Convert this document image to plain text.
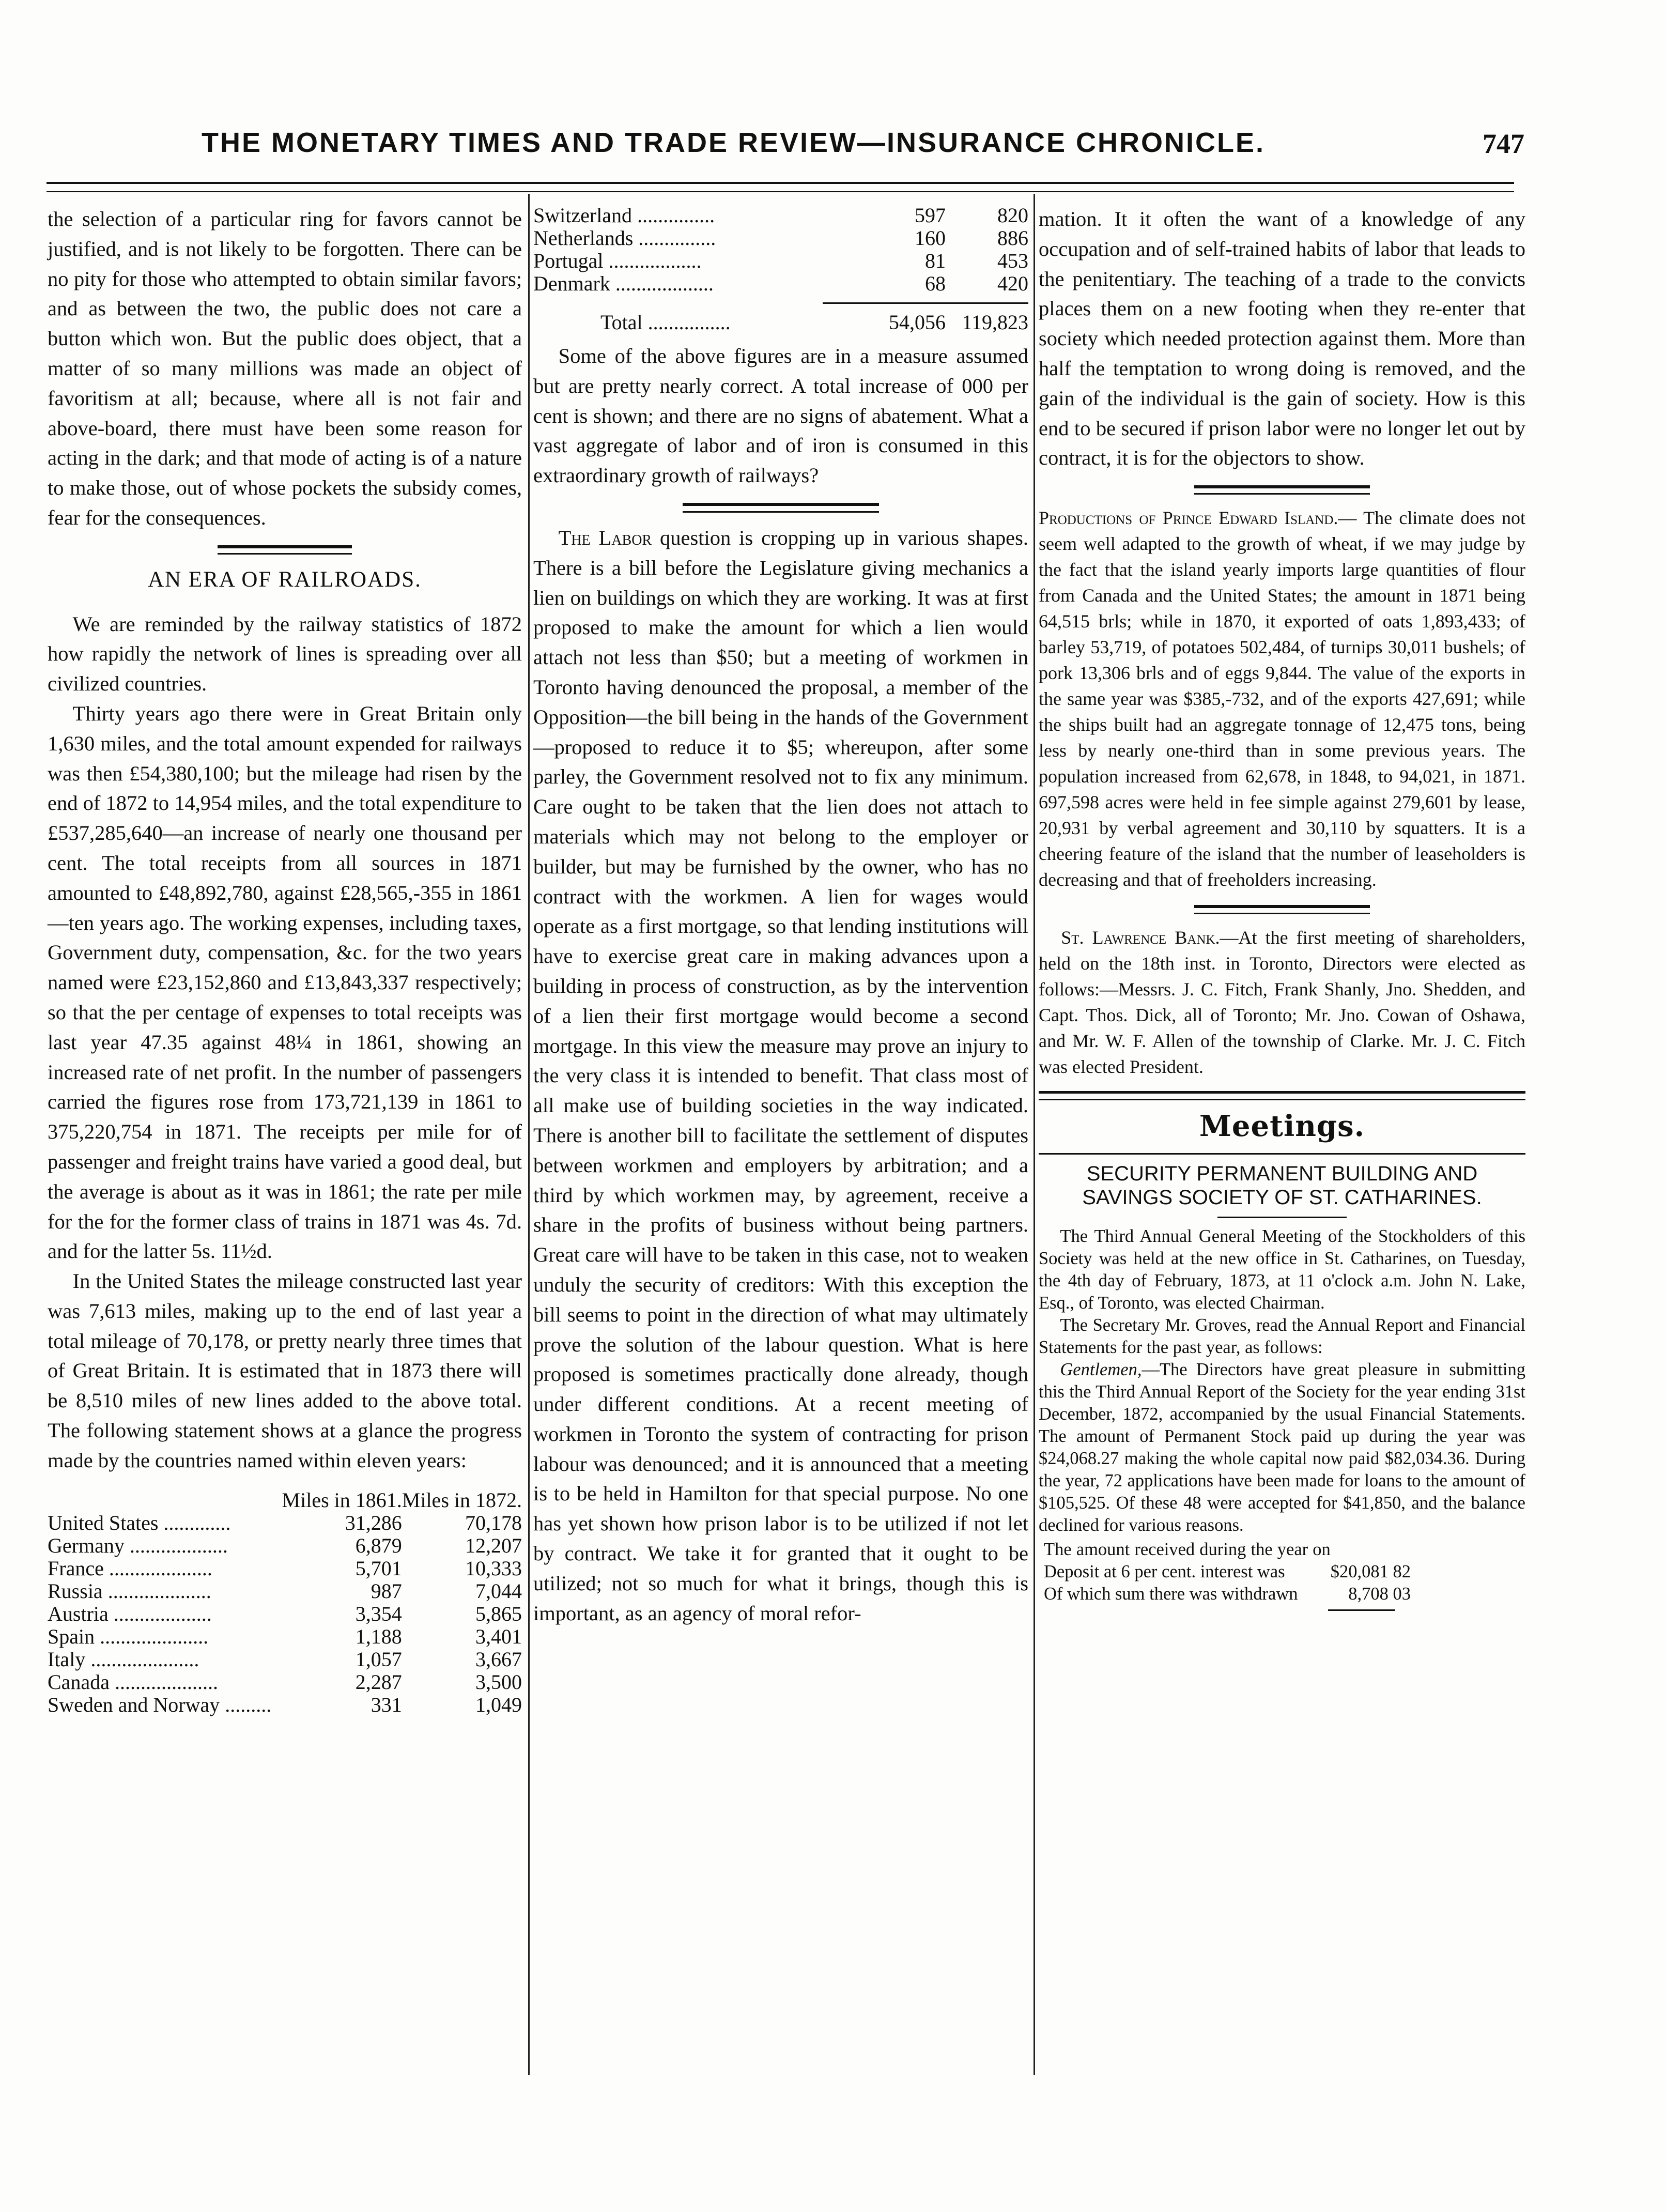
THE MONETARY TIMES AND TRADE REVIEW—INSURANCE CHRONICLE.	747

the selection of a particular ring for favors cannot be justified, and is not likely to be forgotten. There can be no pity for those who attempted to obtain similar favors; and as between the two, the public does not care a button which won. But the public does object, that a matter of so many millions was made an object of favoritism at all; because, where all is not fair and above-board, there must have been some reason for acting in the dark; and that mode of acting is of a nature to make those, out of whose pockets the subsidy comes, fear for the consequences.

AN ERA OF RAILROADS.

We are reminded by the railway statistics of 1872 how rapidly the network of lines is spreading over all civilized countries.

Thirty years ago there were in Great Britain only 1,630 miles, and the total amount expended for railways was then £54,380,100; but the mileage had risen by the end of 1872 to 14,954 miles, and the total expenditure to £537,285,640—an increase of nearly one thousand per cent. The total receipts from all sources in 1871 amounted to £48,892,780, against £28,565,-355 in 1861—ten years ago. The working expenses, including taxes, Government duty, compensation, &c. for the two years named were £23,152,860 and £13,843,337 respectively; so that the per centage of expenses to total receipts was last year 47.35 against 48¼ in 1861, showing an increased rate of net profit. In the number of passengers carried the figures rose from 173,721,139 in 1861 to 375,220,754 in 1871. The receipts per mile for of passenger and freight trains have varied a good deal, but the average is about as it was in 1861; the rate per mile for the for the former class of trains in 1871 was 4s. 7d. and for the latter 5s. 11½d.

In the United States the mileage constructed last year was 7,613 miles, making up to the end of last year a total mileage of 70,178, or pretty nearly three times that of Great Britain. It is estimated that in 1873 there will be 8,510 miles of new lines added to the above total. The following statement shows at a glance the progress made by the countries named within eleven years:

	Miles in 1861.	Miles in 1872.
United States .............	31,286	70,178
Germany ...................	6,879	12,207
France ....................	5,701	10,333
Russia ....................	987	7,044
Austria ...................	3,354	5,865
Spain .....................	1,188	3,401
Italy .....................	1,057	3,667
Canada ....................	2,287	3,500
Sweden and Norway .........	331	1,049
Switzerland ...............	597	820
Netherlands ...............	160	886
Portugal ..................	81	453
Denmark ...................	68	420
Total ................	54,056	119,823

Some of the above figures are in a measure assumed but are pretty nearly correct. A total increase of 000 per cent is shown; and there are no signs of abatement. What a vast aggregate of labor and of iron is consumed in this extraordinary growth of railways?

The Labor question is cropping up in various shapes. There is a bill before the Legislature giving mechanics a lien on buildings on which they are working. It was at first proposed to make the amount for which a lien would attach not less than $50; but a meeting of workmen in Toronto having denounced the proposal, a member of the Opposition—the bill being in the hands of the Government—proposed to reduce it to $5; whereupon, after some parley, the Government resolved not to fix any minimum. Care ought to be taken that the lien does not attach to materials which may not belong to the employer or builder, but may be furnished by the owner, who has no contract with the workmen. A lien for wages would operate as a first mortgage, so that lending institutions will have to exercise great care in making advances upon a building in process of construction, as by the intervention of a lien their first mortgage would become a second mortgage. In this view the measure may prove an injury to the very class it is intended to benefit. That class most of all make use of building societies in the way indicated. There is another bill to facilitate the settlement of disputes between workmen and employers by arbitration; and a third by which workmen may, by agreement, receive a share in the profits of business without being partners. Great care will have to be taken in this case, not to weaken unduly the security of creditors: With this exception the bill seems to point in the direction of what may ultimately prove the solution of the labour question. What is here proposed is sometimes practically done already, though under different conditions. At a recent meeting of workmen in Toronto the system of contracting for prison labour was denounced; and it is announced that a meeting is to be held in Hamilton for that special purpose. No one has yet shown how prison labor is to be utilized if not let by contract. We take it for granted that it ought to be utilized; not so much for what it brings, though this is important, as an agency of moral refor-

mation. It it often the want of a knowledge of any occupation and of self-trained habits of labor that leads to the penitentiary. The teaching of a trade to the convicts places them on a new footing when they re-enter that society which needed protection against them. More than half the temptation to wrong doing is removed, and the gain of the individual is the gain of society. How is this end to be secured if prison labor were no longer let out by contract, it is for the objectors to show.

Productions of Prince Edward Island.— The climate does not seem well adapted to the growth of wheat, if we may judge by the fact that the island yearly imports large quantities of flour from Canada and the United States; the amount in 1871 being 64,515 brls; while in 1870, it exported of oats 1,893,433; of barley 53,719, of potatoes 502,484, of turnips 30,011 bushels; of pork 13,306 brls and of eggs 9,844. The value of the exports in the same year was $385,-732, and of the exports 427,691; while the ships built had an aggregate tonnage of 12,475 tons, being less by nearly one-third than in some previous years. The population increased from 62,678, in 1848, to 94,021, in 1871. 697,598 acres were held in fee simple against 279,601 by lease, 20,931 by verbal agreement and 30,110 by squatters. It is a cheering feature of the island that the number of leaseholders is decreasing and that of freeholders increasing.

St. Lawrence Bank.—At the first meeting of shareholders, held on the 18th inst. in Toronto, Directors were elected as follows:—Messrs. J. C. Fitch, Frank Shanly, Jno. Shedden, and Capt. Thos. Dick, all of Toronto; Mr. Jno. Cowan of Oshawa, and Mr. W. F. Allen of the township of Clarke. Mr. J. C. Fitch was elected President.

Meetings.
SECURITY PERMANENT BUILDING AND SAVINGS SOCIETY OF ST. CATHARINES.

The Third Annual General Meeting of the Stockholders of this Society was held at the new office in St. Catharines, on Tuesday, the 4th day of February, 1873, at 11 o'clock a.m. John N. Lake, Esq., of Toronto, was elected Chairman.

The Secretary Mr. Groves, read the Annual Report and Financial Statements for the past year, as follows:

Gentlemen,—The Directors have great pleasure in submitting this the Third Annual Report of the Society for the year ending 31st December, 1872, accompanied by the usual Financial Statements. The amount of Permanent Stock paid up during the year was $24,068.27 making the whole capital now paid $82,034.36. During the year, 72 applications have been made for loans to the amount of $105,525. Of these 48 were accepted for $41,850, and the balance declined for various reasons.

The amount received during the year on Deposit at 6 per cent. interest was	$20,081 82
Of which sum there was withdrawn	8,708 03
